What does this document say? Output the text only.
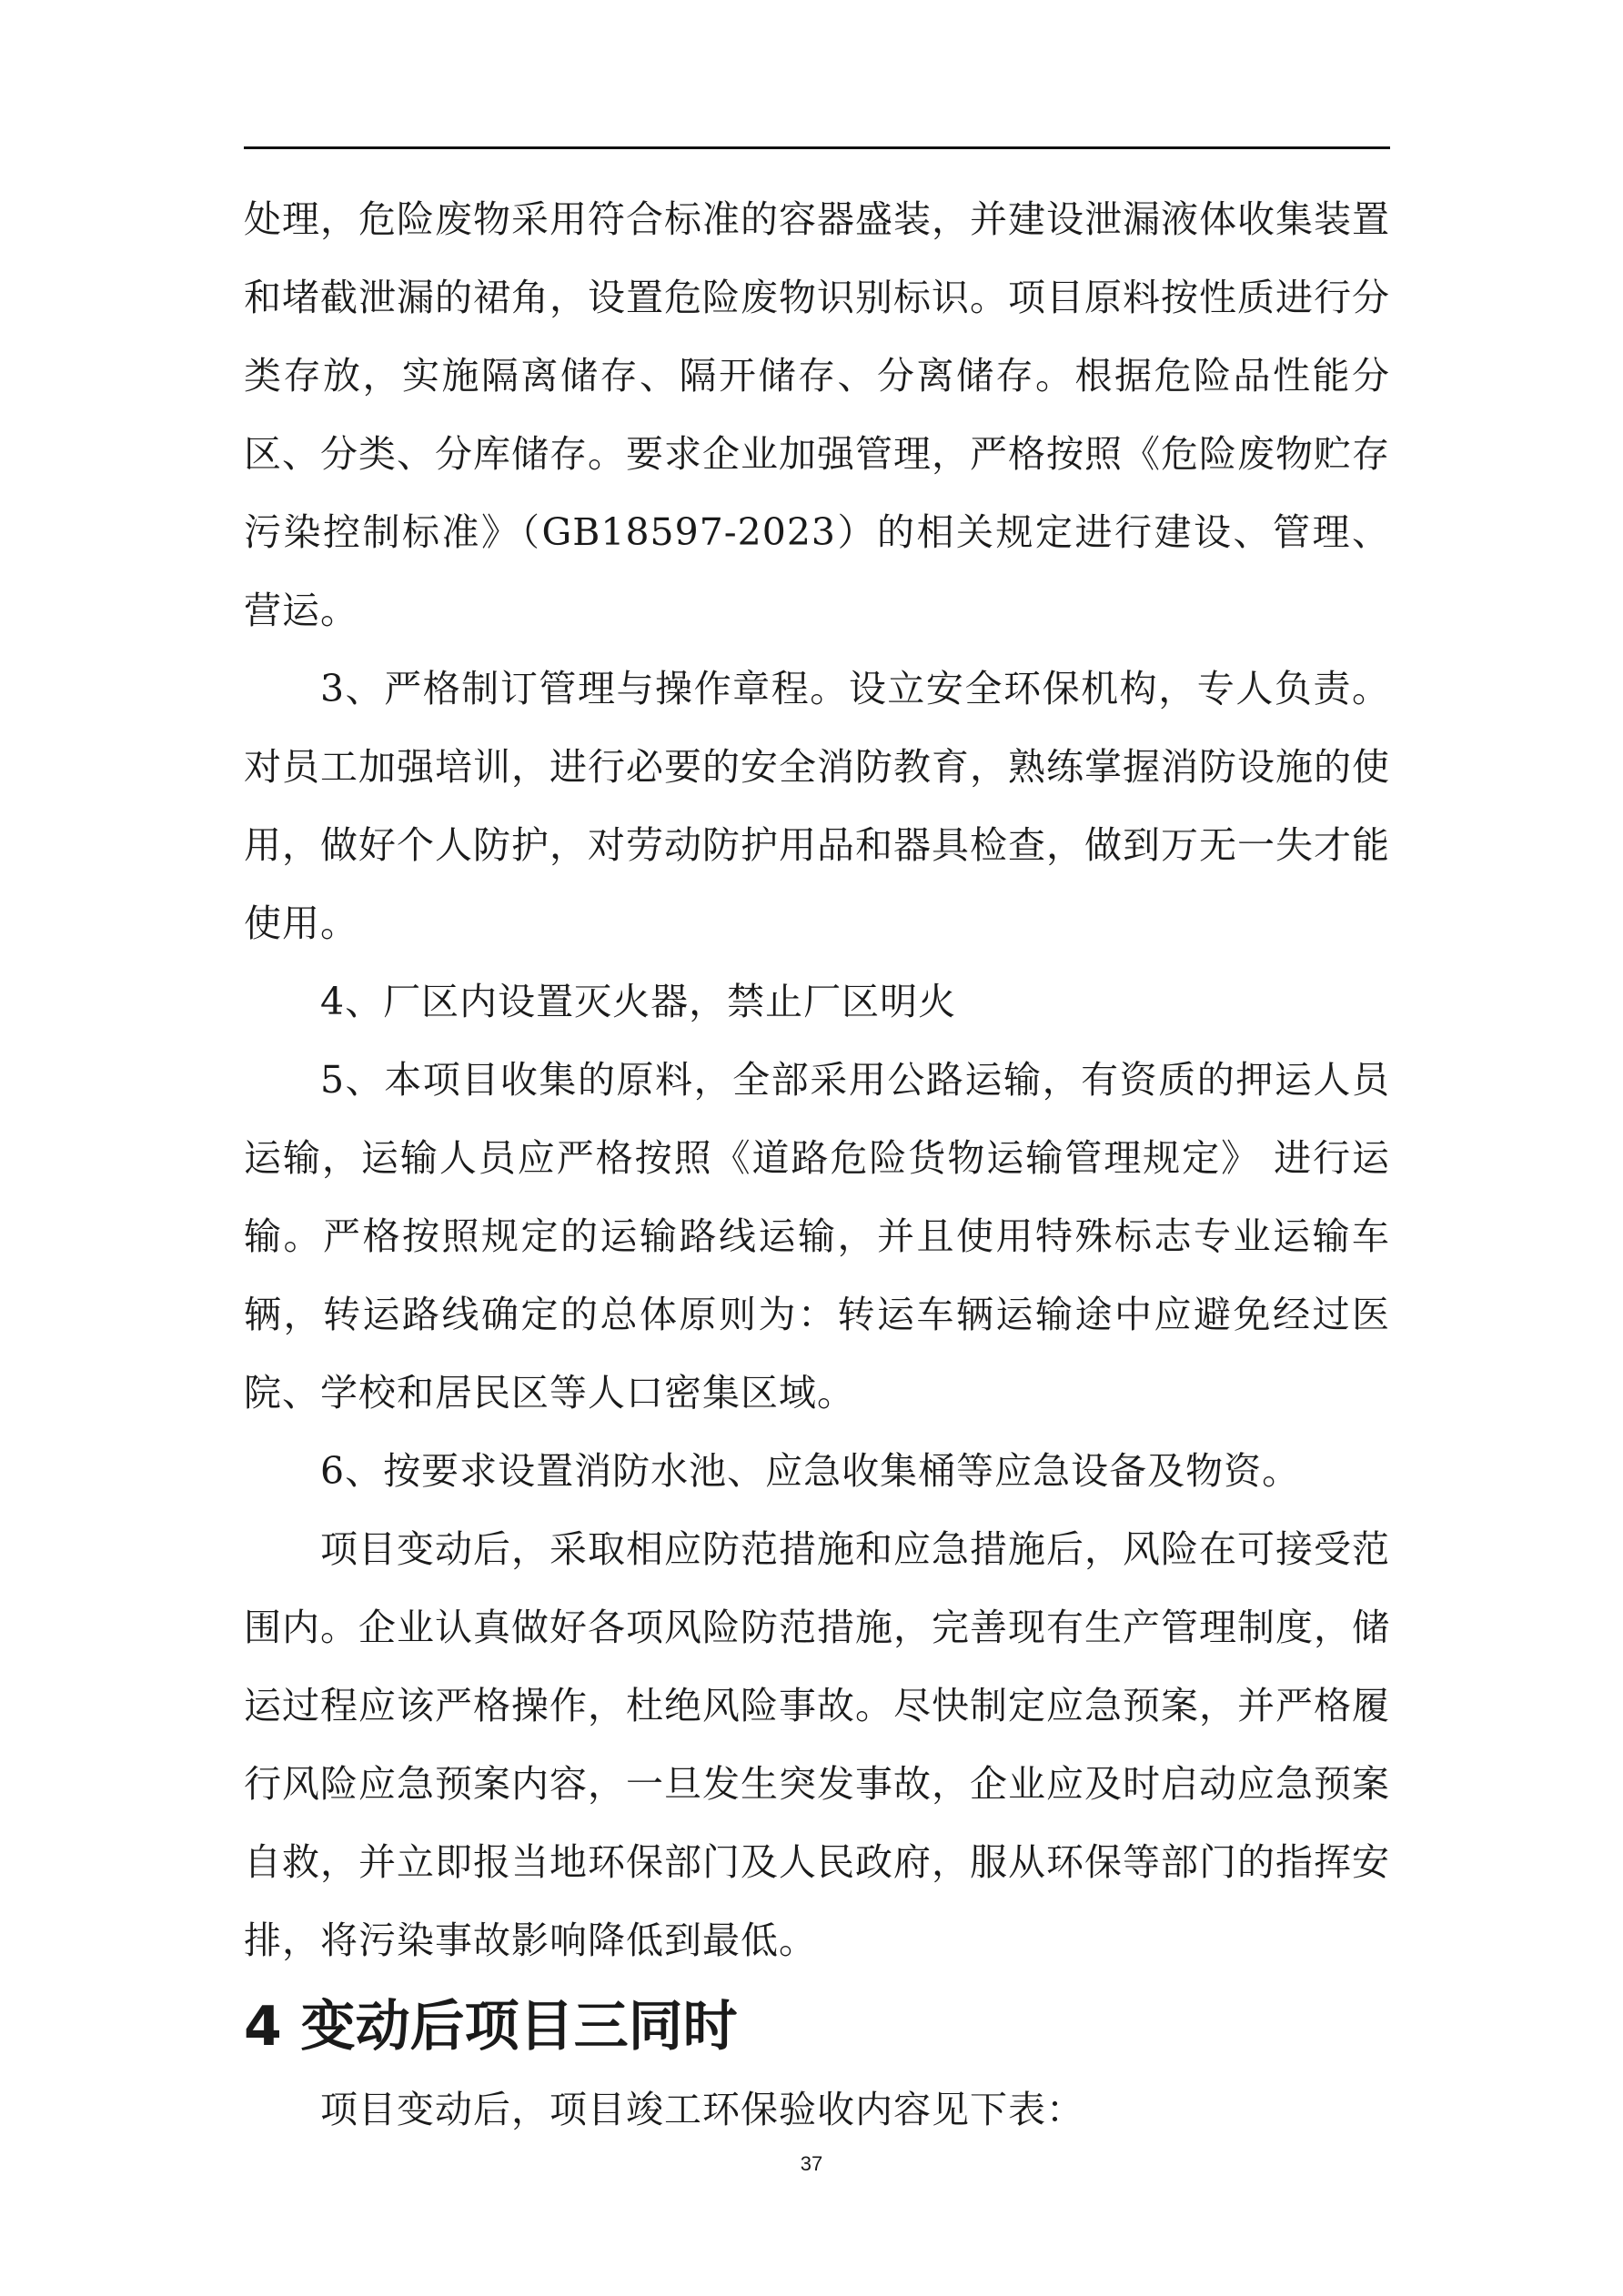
处理，危险废物采用符合标准的容器盛装，并建设泄漏液体收集装置和堵截泄漏的裙角，设置危险废物识别标识。项目原料按性质进行分类存放，实施隔离储存、隔开储存、分离储存。根据危险品性能分区、分类、分库储存。要求企业加强管理，严格按照《危险废物贮存污染控制标准》（GB18597-2023）的相关规定进行建设、管理、营运。

3、严格制订管理与操作章程。设立安全环保机构，专人负责。对员工加强培训，进行必要的安全消防教育，熟练掌握消防设施的使用，做好个人防护，对劳动防护用品和器具检查，做到万无一失才能使用。

4、厂区内设置灭火器，禁止厂区明火

5、本项目收集的原料，全部采用公路运输，有资质的押运人员运输，运输人员应严格按照《道路危险货物运输管理规定》 进行运输。严格按照规定的运输路线运输，并且使用特殊标志专业运输车辆，转运路线确定的总体原则为：转运车辆运输途中应避免经过医院、学校和居民区等人口密集区域。

6、按要求设置消防水池、应急收集桶等应急设备及物资。

项目变动后，采取相应防范措施和应急措施后，风险在可接受范围内。企业认真做好各项风险防范措施，完善现有生产管理制度，储运过程应该严格操作，杜绝风险事故。尽快制定应急预案，并严格履行风险应急预案内容，一旦发生突发事故，企业应及时启动应急预案自救，并立即报当地环保部门及人民政府，服从环保等部门的指挥安排，将污染事故影响降低到最低。

4 变动后项目三同时

项目变动后，项目竣工环保验收内容见下表：

37
